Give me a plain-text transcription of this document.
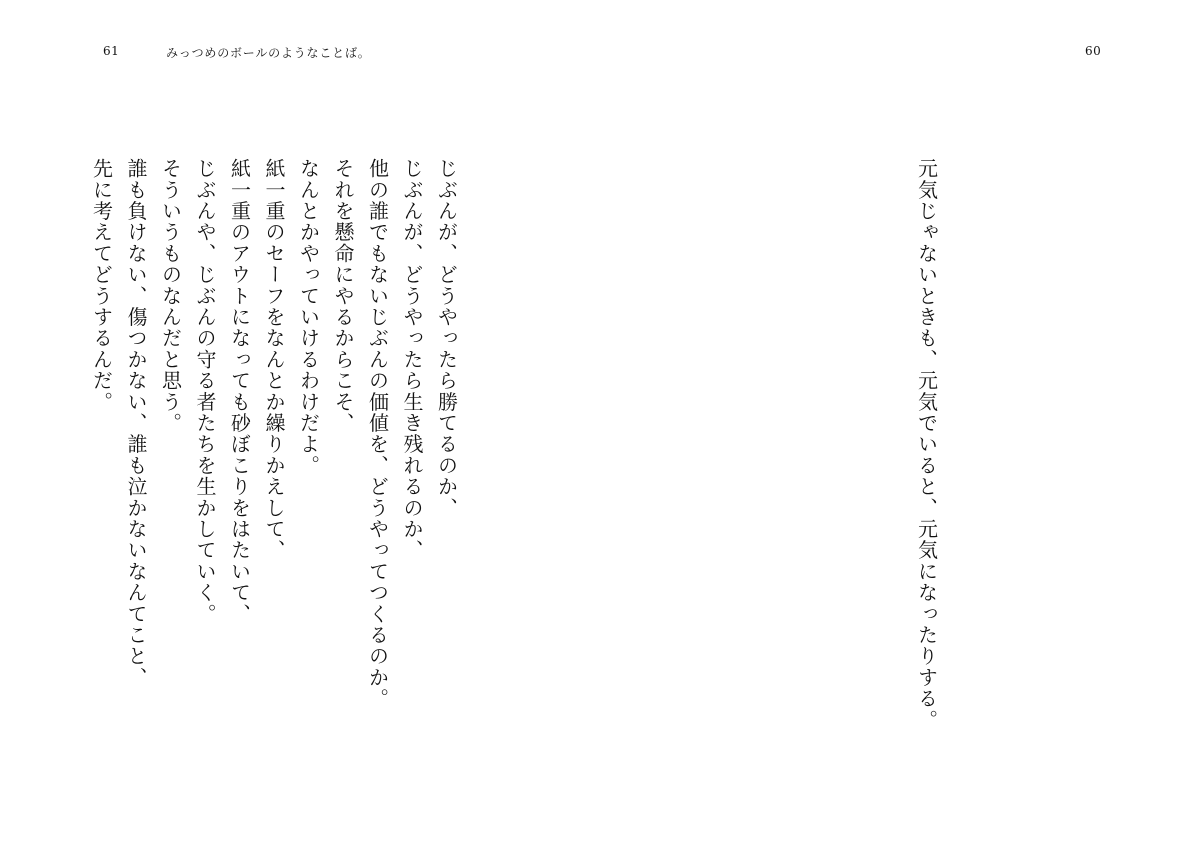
61	みっつめのボールのようなことば。	60
じぶんが、どうやったら勝てるのか、
じぶんが、どうやったら生き残れるのか、
他の誰でもないじぶんの価値を、どうやってつくるのか。
それを懸命にやるからこそ、
なんとかやっていけるわけだよ。
紙一重のセーフをなんとか繰りかえして、
紙一重のアウトになっても砂ぼこりをはたいて、
じぶんや、じぶんの守る者たちを生かしていく。
そういうものなんだと思う。
誰も負けない、傷つかない、誰も泣かないなんてこと、
先に考えてどうするんだ。	元気じゃないときも、元気でいると、元気になったりする。
